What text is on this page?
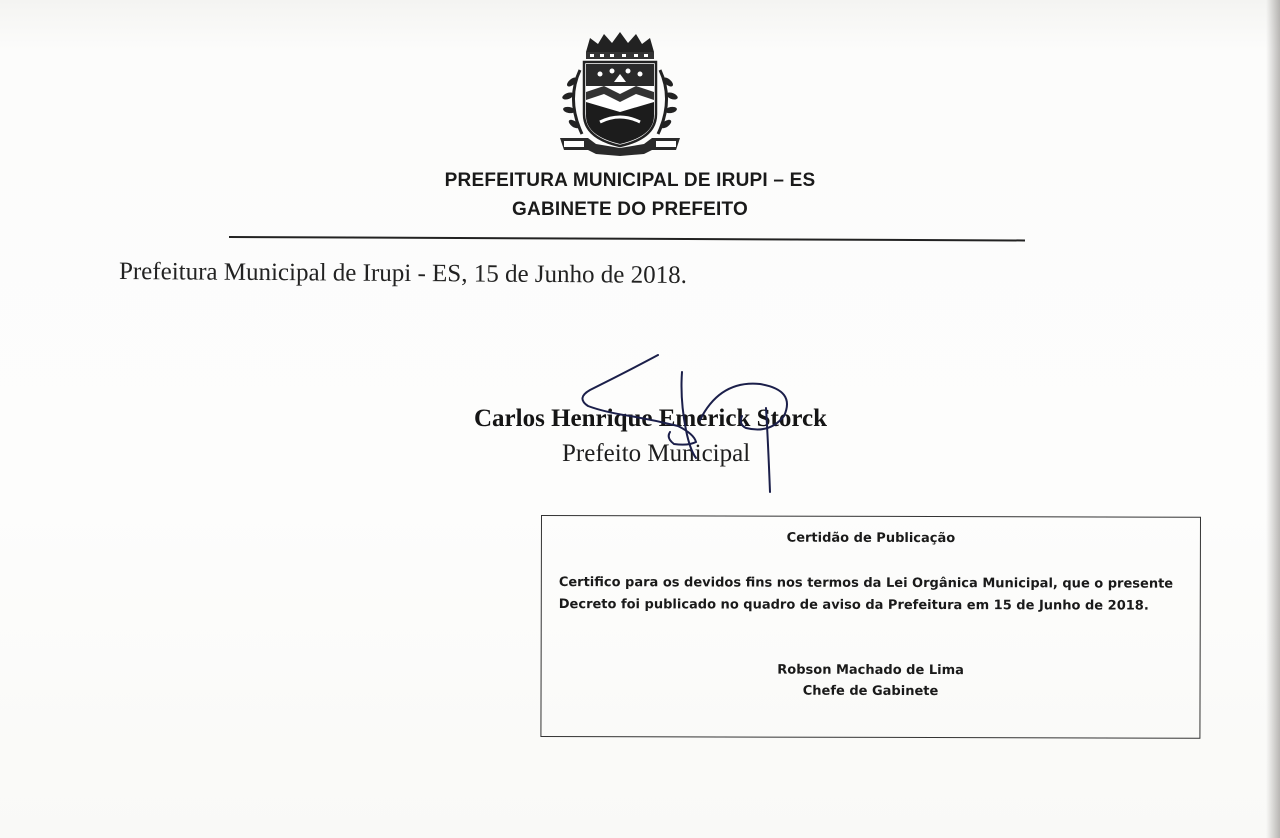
PREFEITURA MUNICIPAL DE IRUPI – ES
GABINETE DO PREFEITO
Prefeitura Municipal de Irupi - ES, 15 de Junho de 2018.
Carlos Henrique Emerick Storck
Prefeito Municipal
Certidão de Publicação
Certifico para os devidos fins nos termos da Lei Orgânica Municipal, que o presente Decreto foi publicado no quadro de aviso da Prefeitura em 15 de Junho de 2018.
Robson Machado de Lima
Chefe de Gabinete
